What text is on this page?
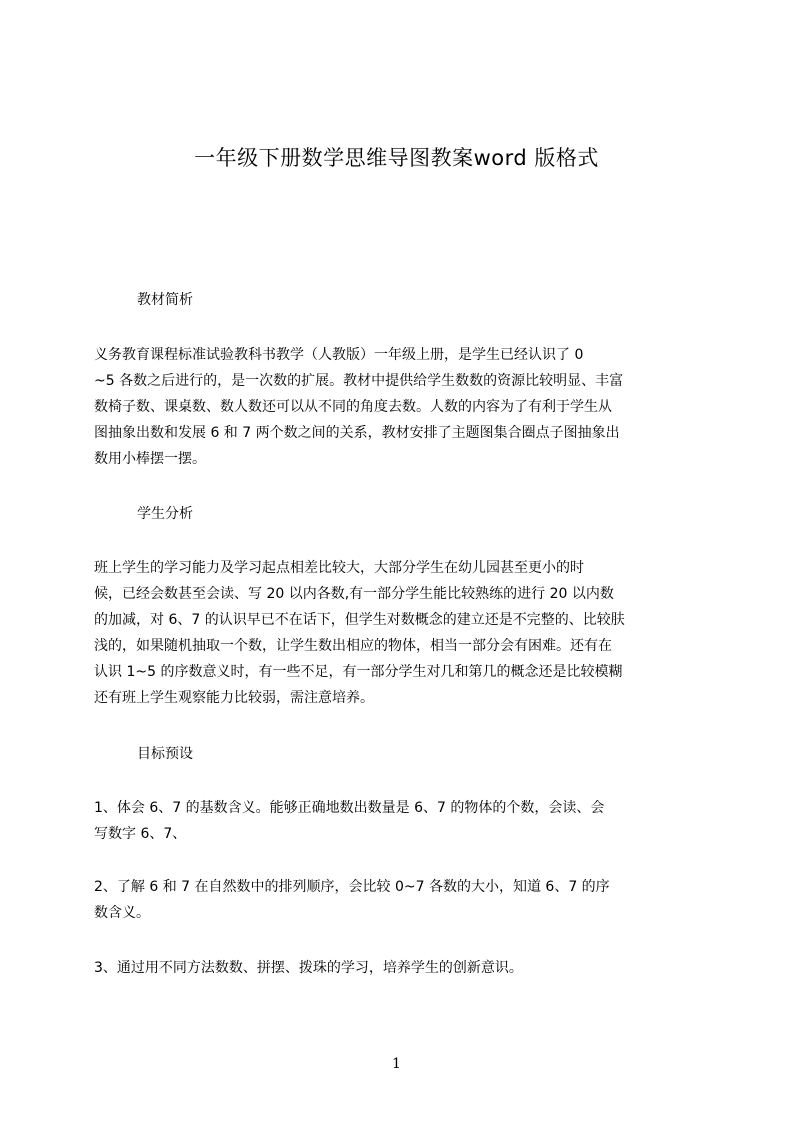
一年级下册数学思维导图教案word 版格式
教材简析
义务教育课程标准试验教科书教学（人教版）一年级上册，是学生已经认识了 0
~5 各数之后进行的，是一次数的扩展。教材中提供给学生数数的资源比较明显、丰富
数椅子数、课桌数、数人数还可以从不同的角度去数。人数的内容为了有利于学生从
图抽象出数和发展 6 和 7 两个数之间的关系，教材安排了主题图集合圈点子图抽象出
数用小棒摆一摆。
学生分析
班上学生的学习能力及学习起点相差比较大，大部分学生在幼儿园甚至更小的时
候，已经会数甚至会读、写 20 以内各数,有一部分学生能比较熟练的进行 20 以内数
的加减，对 6、7 的认识早已不在话下，但学生对数概念的建立还是不完整的、比较肤
浅的，如果随机抽取一个数，让学生数出相应的物体，相当一部分会有困难。还有在
认识 1~5 的序数意义时，有一些不足，有一部分学生对几和第几的概念还是比较模糊
还有班上学生观察能力比较弱，需注意培养。
目标预设
1、体会 6、7 的基数含义。能够正确地数出数量是 6、7 的物体的个数，会读、会
写数字 6、7、
2、了解 6 和 7 在自然数中的排列顺序，会比较 0~7 各数的大小，知道 6、7 的序
数含义。
3、通过用不同方法数数、拼摆、拨珠的学习，培养学生的创新意识。
1
